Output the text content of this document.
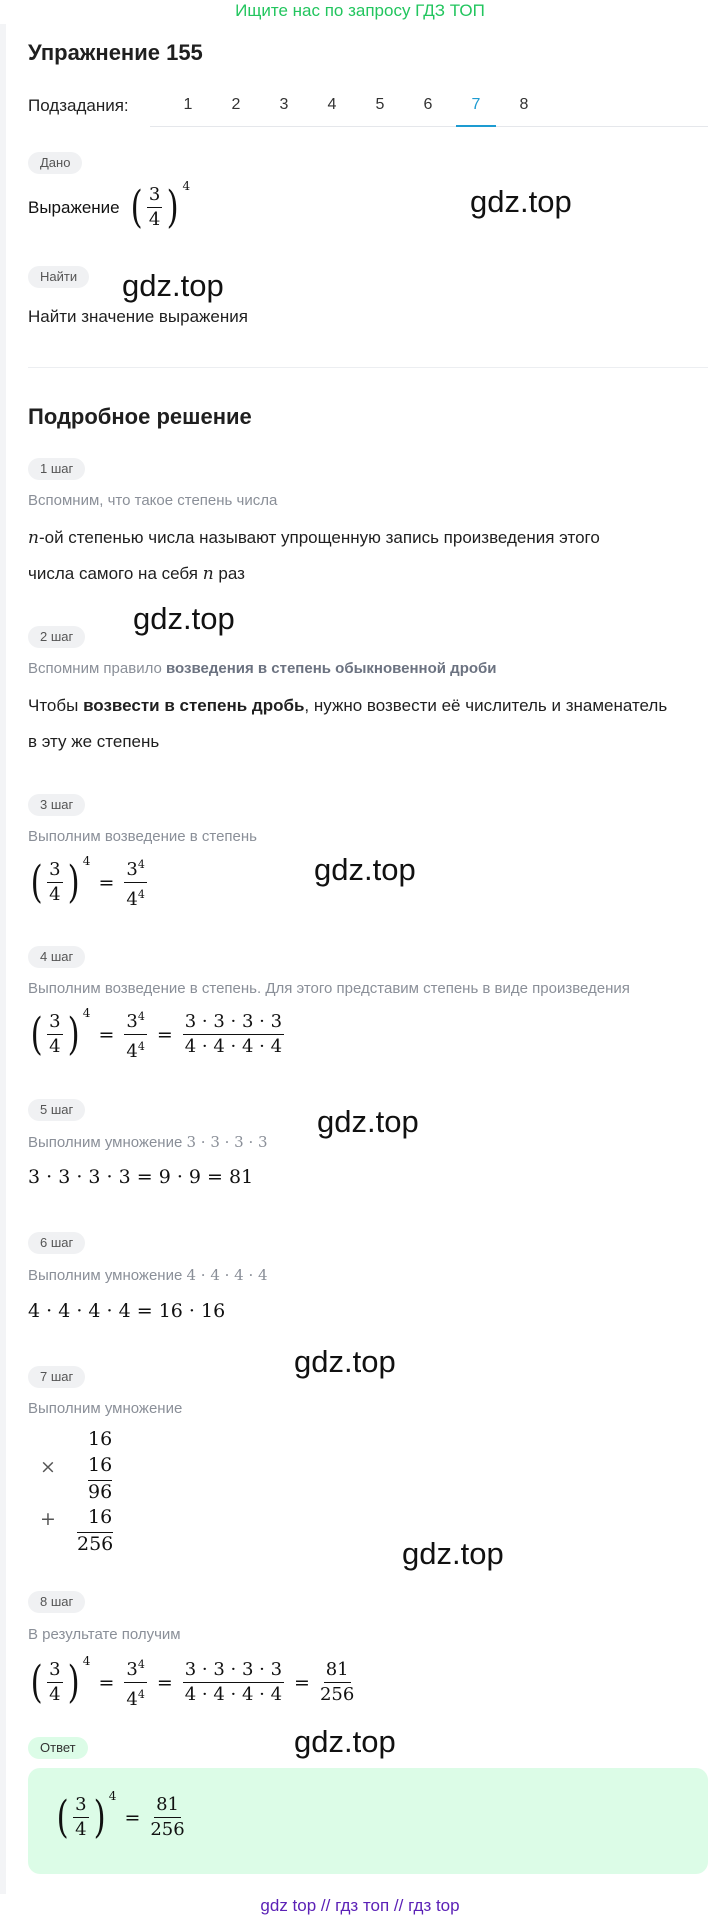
Ищите нас по запросу ГДЗ ТОП
Упражнение 155
Подзадания:	1	2	3	4	5	6	7	8
Дано
Выражение ( $\frac{3}{4}$ ) 4	gdz.top
Найти	gdz.top
Найти значение выражения
Подробное решение
1 шаг
Вспомним, что такое степень числа
n-ой степенью числа называют упрощенную запись произведения этого
числа самого на себя n раз
gdz.top
2 шаг
Вспомним правило возведения в степень обыкновенной дроби
Чтобы возвести в степень дробь, нужно возвести её числитель и знаменатель
в эту же степень
3 шаг
Выполним возведение в степень
( $\frac{3}{4}$ ) 4
= $\frac{3^4}{4^4}$	gdz.top
4 шаг
Выполним возведение в степень. Для этого представим степень в виде произведения
( $\frac{3}{4}$ ) 4
= $\frac{3^4}{4^4} = \frac{3 \cdot 3 \cdot 3 \cdot 3}{4 \cdot 4 \cdot 4 \cdot 4}$
5 шаг	gdz.top
Выполним умножение 3 · 3 · 3 · 3
3 · 3 · 3 · 3 = 9 · 9 = 81
6 шаг
Выполним умножение 4 · 4 · 4 · 4
4 · 4 · 4 · 4 = 16 · 16
gdz.top
7 шаг
Выполним умножение
16
× 16
96
+ 16
256	gdz.top
8 шаг
В результате получим
( $\frac{3}{4}$ ) 4
= $\frac{3^4}{4^4} = \frac{3 \cdot 3 \cdot 3 \cdot 3}{4 \cdot 4 \cdot 4 \cdot 4} = \frac{81}{256}$
gdz.top
Ответ
( $\frac{3}{4}$ ) 4
= $\frac{81}{256}$
gdz top // гдз топ // гдз top
